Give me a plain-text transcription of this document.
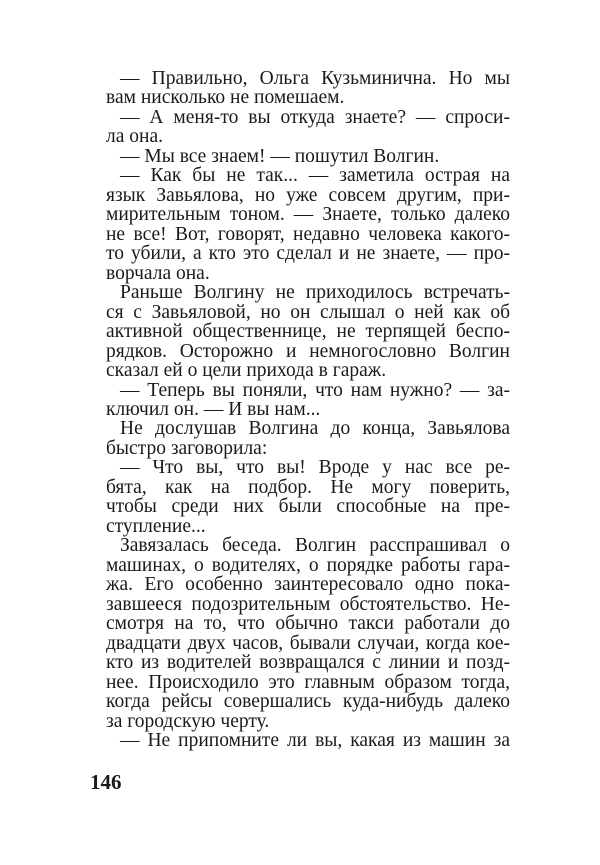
— Правильно, Ольга Кузьминична. Но мы
вам нисколько не помешаем.
— А меня-то вы откуда знаете? — спроси-
ла она.
— Мы все знаем! — пошутил Волгин.
— Как бы не так... — заметила острая на
язык Завьялова, но уже совсем другим, при-
мирительным тоном. — Знаете, только далеко
не все! Вот, говорят, недавно человека какого-
то убили, а кто это сделал и не знаете, — про-
ворчала она.
Раньше Волгину не приходилось встречать-
ся с Завьяловой, но он слышал о ней как об
активной общественнице, не терпящей беспо-
рядков. Осторожно и немногословно Волгин
сказал ей о цели прихода в гараж.
— Теперь вы поняли, что нам нужно? — за-
ключил он. — И вы нам...
Не дослушав Волгина до конца, Завьялова
быстро заговорила:
— Что вы, что вы! Вроде у нас все ре-
бята, как на подбор. Не могу поверить,
чтобы среди них были способные на пре-
ступление...
Завязалась беседа. Волгин расспрашивал о
машинах, о водителях, о порядке работы гара-
жа. Его особенно заинтересовало одно пока-
завшееся подозрительным обстоятельство. Не-
смотря на то, что обычно такси работали до
двадцати двух часов, бывали случаи, когда кое-
кто из водителей возвращался с линии и позд-
нее. Происходило это главным образом тогда,
когда рейсы совершались куда-нибудь далеко
за городскую черту.
— Не припомните ли вы, какая из машин за
146
